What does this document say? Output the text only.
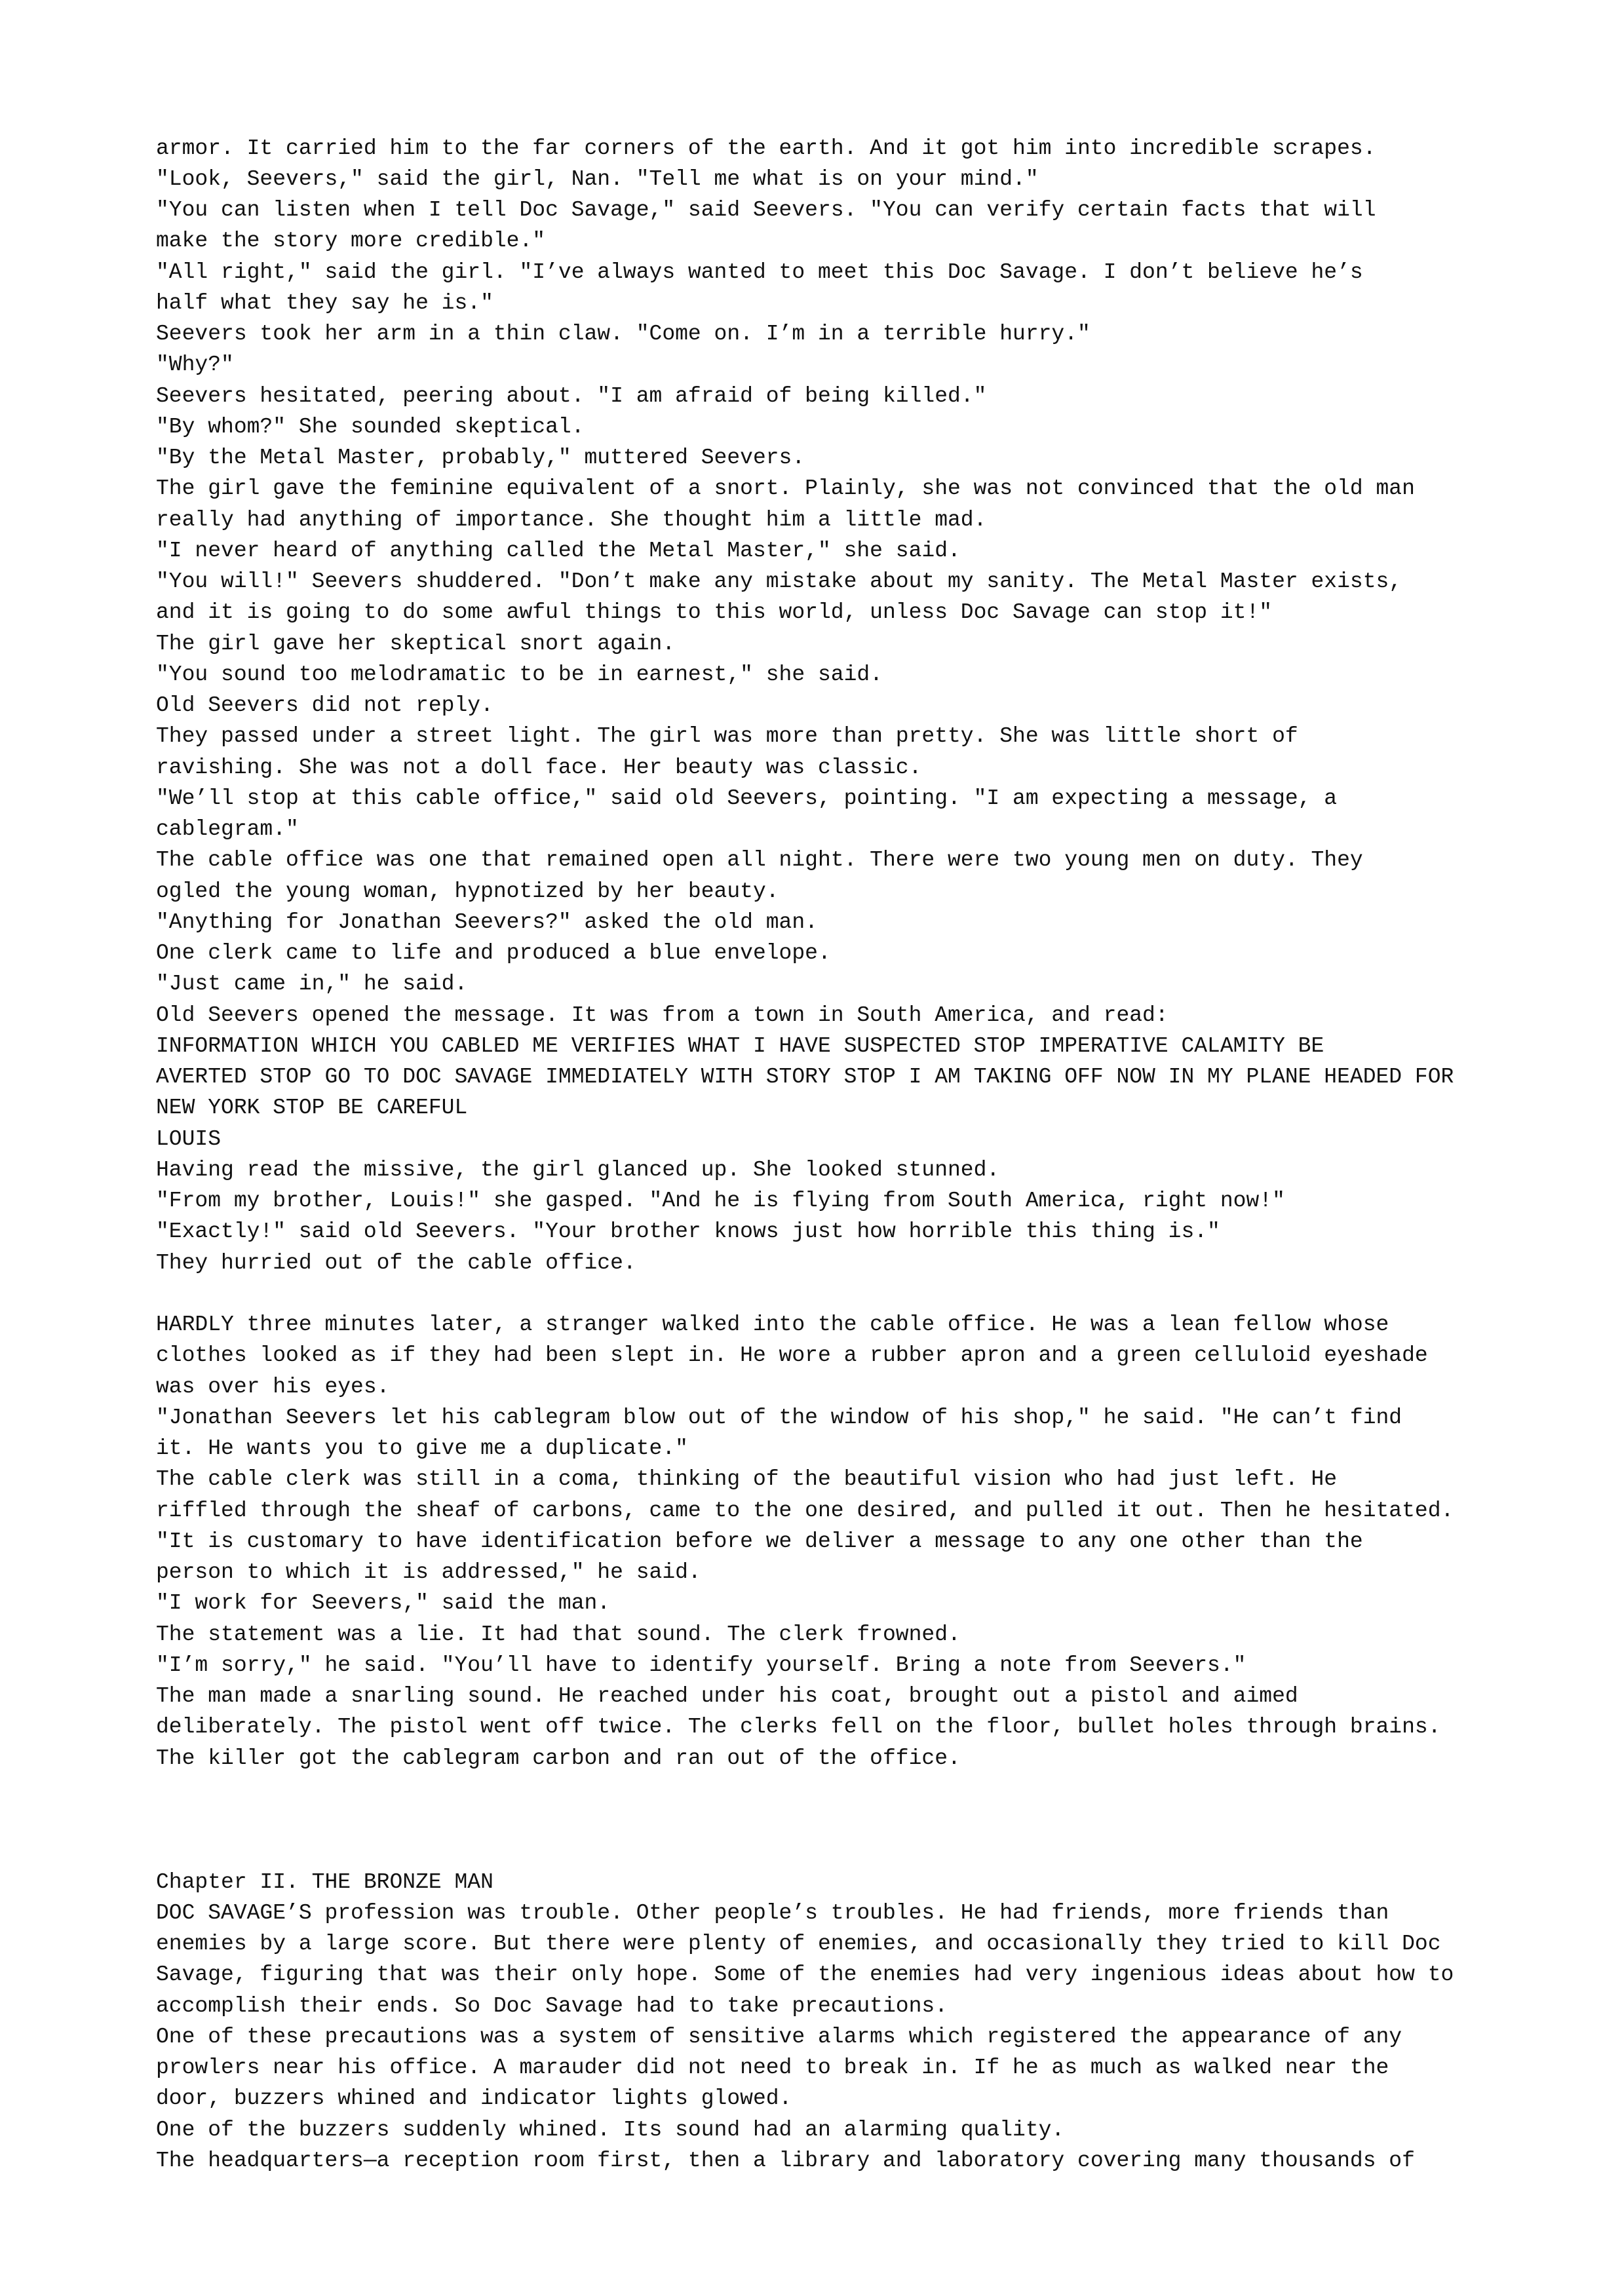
armor. It carried him to the far corners of the earth. And it got him into incredible scrapes.

"Look, Seevers," said the girl, Nan. "Tell me what is on your mind."

"You can listen when I tell Doc Savage," said Seevers. "You can verify certain facts that will

make the story more credible."

"All right," said the girl. "I’ve always wanted to meet this Doc Savage. I don’t believe he’s

half what they say he is."

Seevers took her arm in a thin claw. "Come on. I’m in a terrible hurry."

"Why?"

Seevers hesitated, peering about. "I am afraid of being killed."

"By whom?" She sounded skeptical.

"By the Metal Master, probably," muttered Seevers.

The girl gave the feminine equivalent of a snort. Plainly, she was not convinced that the old man

really had anything of importance. She thought him a little mad.

"I never heard of anything called the Metal Master," she said.

"You will!" Seevers shuddered. "Don’t make any mistake about my sanity. The Metal Master exists,

and it is going to do some awful things to this world, unless Doc Savage can stop it!"

The girl gave her skeptical snort again.

"You sound too melodramatic to be in earnest," she said.

Old Seevers did not reply.

They passed under a street light. The girl was more than pretty. She was little short of

ravishing. She was not a doll face. Her beauty was classic.

"We’ll stop at this cable office," said old Seevers, pointing. "I am expecting a message, a

cablegram."

The cable office was one that remained open all night. There were two young men on duty. They

ogled the young woman, hypnotized by her beauty.

"Anything for Jonathan Seevers?" asked the old man.

One clerk came to life and produced a blue envelope.

"Just came in," he said.

Old Seevers opened the message. It was from a town in South America, and read:

INFORMATION WHICH YOU CABLED ME VERIFIES WHAT I HAVE SUSPECTED STOP IMPERATIVE CALAMITY BE

AVERTED STOP GO TO DOC SAVAGE IMMEDIATELY WITH STORY STOP I AM TAKING OFF NOW IN MY PLANE HEADED FOR

NEW YORK STOP BE CAREFUL

LOUIS

Having read the missive, the girl glanced up. She looked stunned.

"From my brother, Louis!" she gasped. "And he is flying from South America, right now!"

"Exactly!" said old Seevers. "Your brother knows just how horrible this thing is."

They hurried out of the cable office.

HARDLY three minutes later, a stranger walked into the cable office. He was a lean fellow whose

clothes looked as if they had been slept in. He wore a rubber apron and a green celluloid eyeshade

was over his eyes.

"Jonathan Seevers let his cablegram blow out of the window of his shop," he said. "He can’t find

it. He wants you to give me a duplicate."

The cable clerk was still in a coma, thinking of the beautiful vision who had just left. He

riffled through the sheaf of carbons, came to the one desired, and pulled it out. Then he hesitated.

"It is customary to have identification before we deliver a message to any one other than the

person to which it is addressed," he said.

"I work for Seevers," said the man.

The statement was a lie. It had that sound. The clerk frowned.

"I’m sorry," he said. "You’ll have to identify yourself. Bring a note from Seevers."

The man made a snarling sound. He reached under his coat, brought out a pistol and aimed

deliberately. The pistol went off twice. The clerks fell on the floor, bullet holes through brains.

The killer got the cablegram carbon and ran out of the office.

Chapter II. THE BRONZE MAN

DOC SAVAGE’S profession was trouble. Other people’s troubles. He had friends, more friends than

enemies by a large score. But there were plenty of enemies, and occasionally they tried to kill Doc

Savage, figuring that was their only hope. Some of the enemies had very ingenious ideas about how to

accomplish their ends. So Doc Savage had to take precautions.

One of these precautions was a system of sensitive alarms which registered the appearance of any

prowlers near his office. A marauder did not need to break in. If he as much as walked near the

door, buzzers whined and indicator lights glowed.

One of the buzzers suddenly whined. Its sound had an alarming quality.

The headquarters—a reception room first, then a library and laboratory covering many thousands of
